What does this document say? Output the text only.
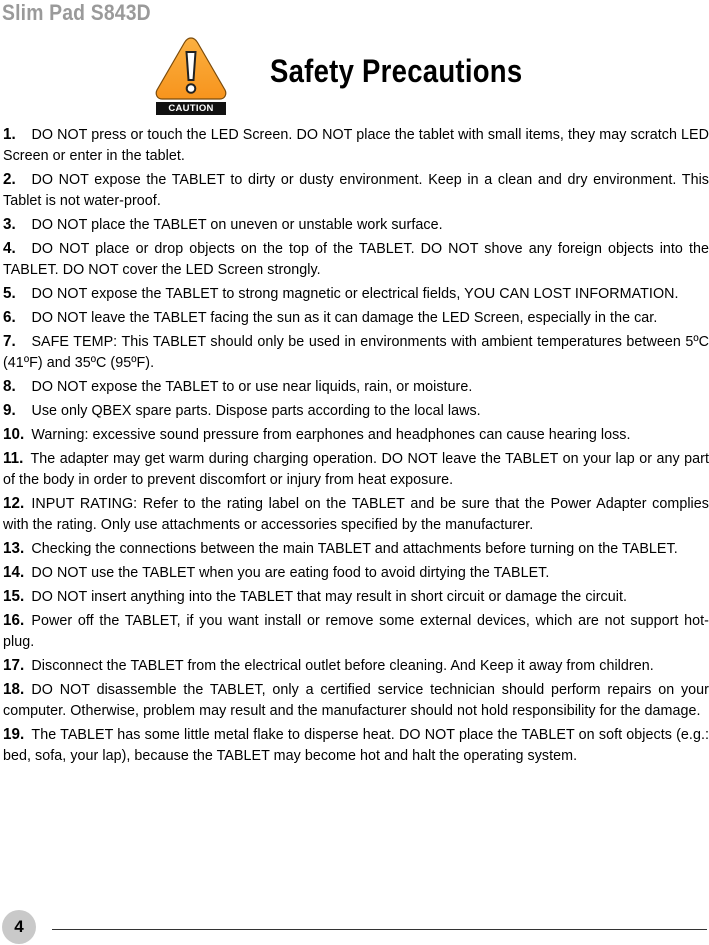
Slim Pad S843D
CAUTION
Safety Precautions
1. DO NOT press or touch the LED Screen. DO NOT place the tablet with small items, they may scratch LED Screen or enter in the tablet.
2. DO NOT expose the TABLET to dirty or dusty environment. Keep in a clean and dry environment. This Tablet is not water-proof.
3. DO NOT place the TABLET on uneven or unstable work surface.
4. DO NOT place or drop objects on the top of the TABLET. DO NOT shove any foreign objects into the TABLET. DO NOT cover the LED Screen strongly.
5. DO NOT expose the TABLET to strong magnetic or electrical fields, YOU CAN LOST INFORMATION.
6. DO NOT leave the TABLET facing the sun as it can damage the LED Screen, especially in the car.
7. SAFE TEMP: This TABLET should only be used in environments with ambient temperatures between 5ºC (41ºF) and 35ºC (95ºF).
8. DO NOT expose the TABLET to or use near liquids, rain, or moisture.
9. Use only QBEX spare parts. Dispose parts according to the local laws.
10. Warning: excessive sound pressure from earphones and headphones can cause hearing loss.
11. The adapter may get warm during charging operation. DO NOT leave the TABLET on your lap or any part of the body in order to prevent discomfort or injury from heat exposure.
12. INPUT RATING: Refer to the rating label on the TABLET and be sure that the Power Adapter complies with the rating. Only use attachments or accessories specified by the manufacturer.
13. Checking the connections between the main TABLET and attachments before turning on the TABLET.
14. DO NOT use the TABLET when you are eating food to avoid dirtying the TABLET.
15. DO NOT insert anything into the TABLET that may result in short circuit or damage the circuit.
16. Power off the TABLET, if you want install or remove some external devices, which are not support hot-plug.
17. Disconnect the TABLET from the electrical outlet before cleaning. And Keep it away from children.
18. DO NOT disassemble the TABLET, only a certified service technician should perform repairs on your computer. Otherwise, problem may result and the manufacturer should not hold responsibility for the damage.
19. The TABLET has some little metal flake to disperse heat. DO NOT place the TABLET on soft objects (e.g.: bed, sofa, your lap), because the TABLET may become hot and halt the operating system.
4
